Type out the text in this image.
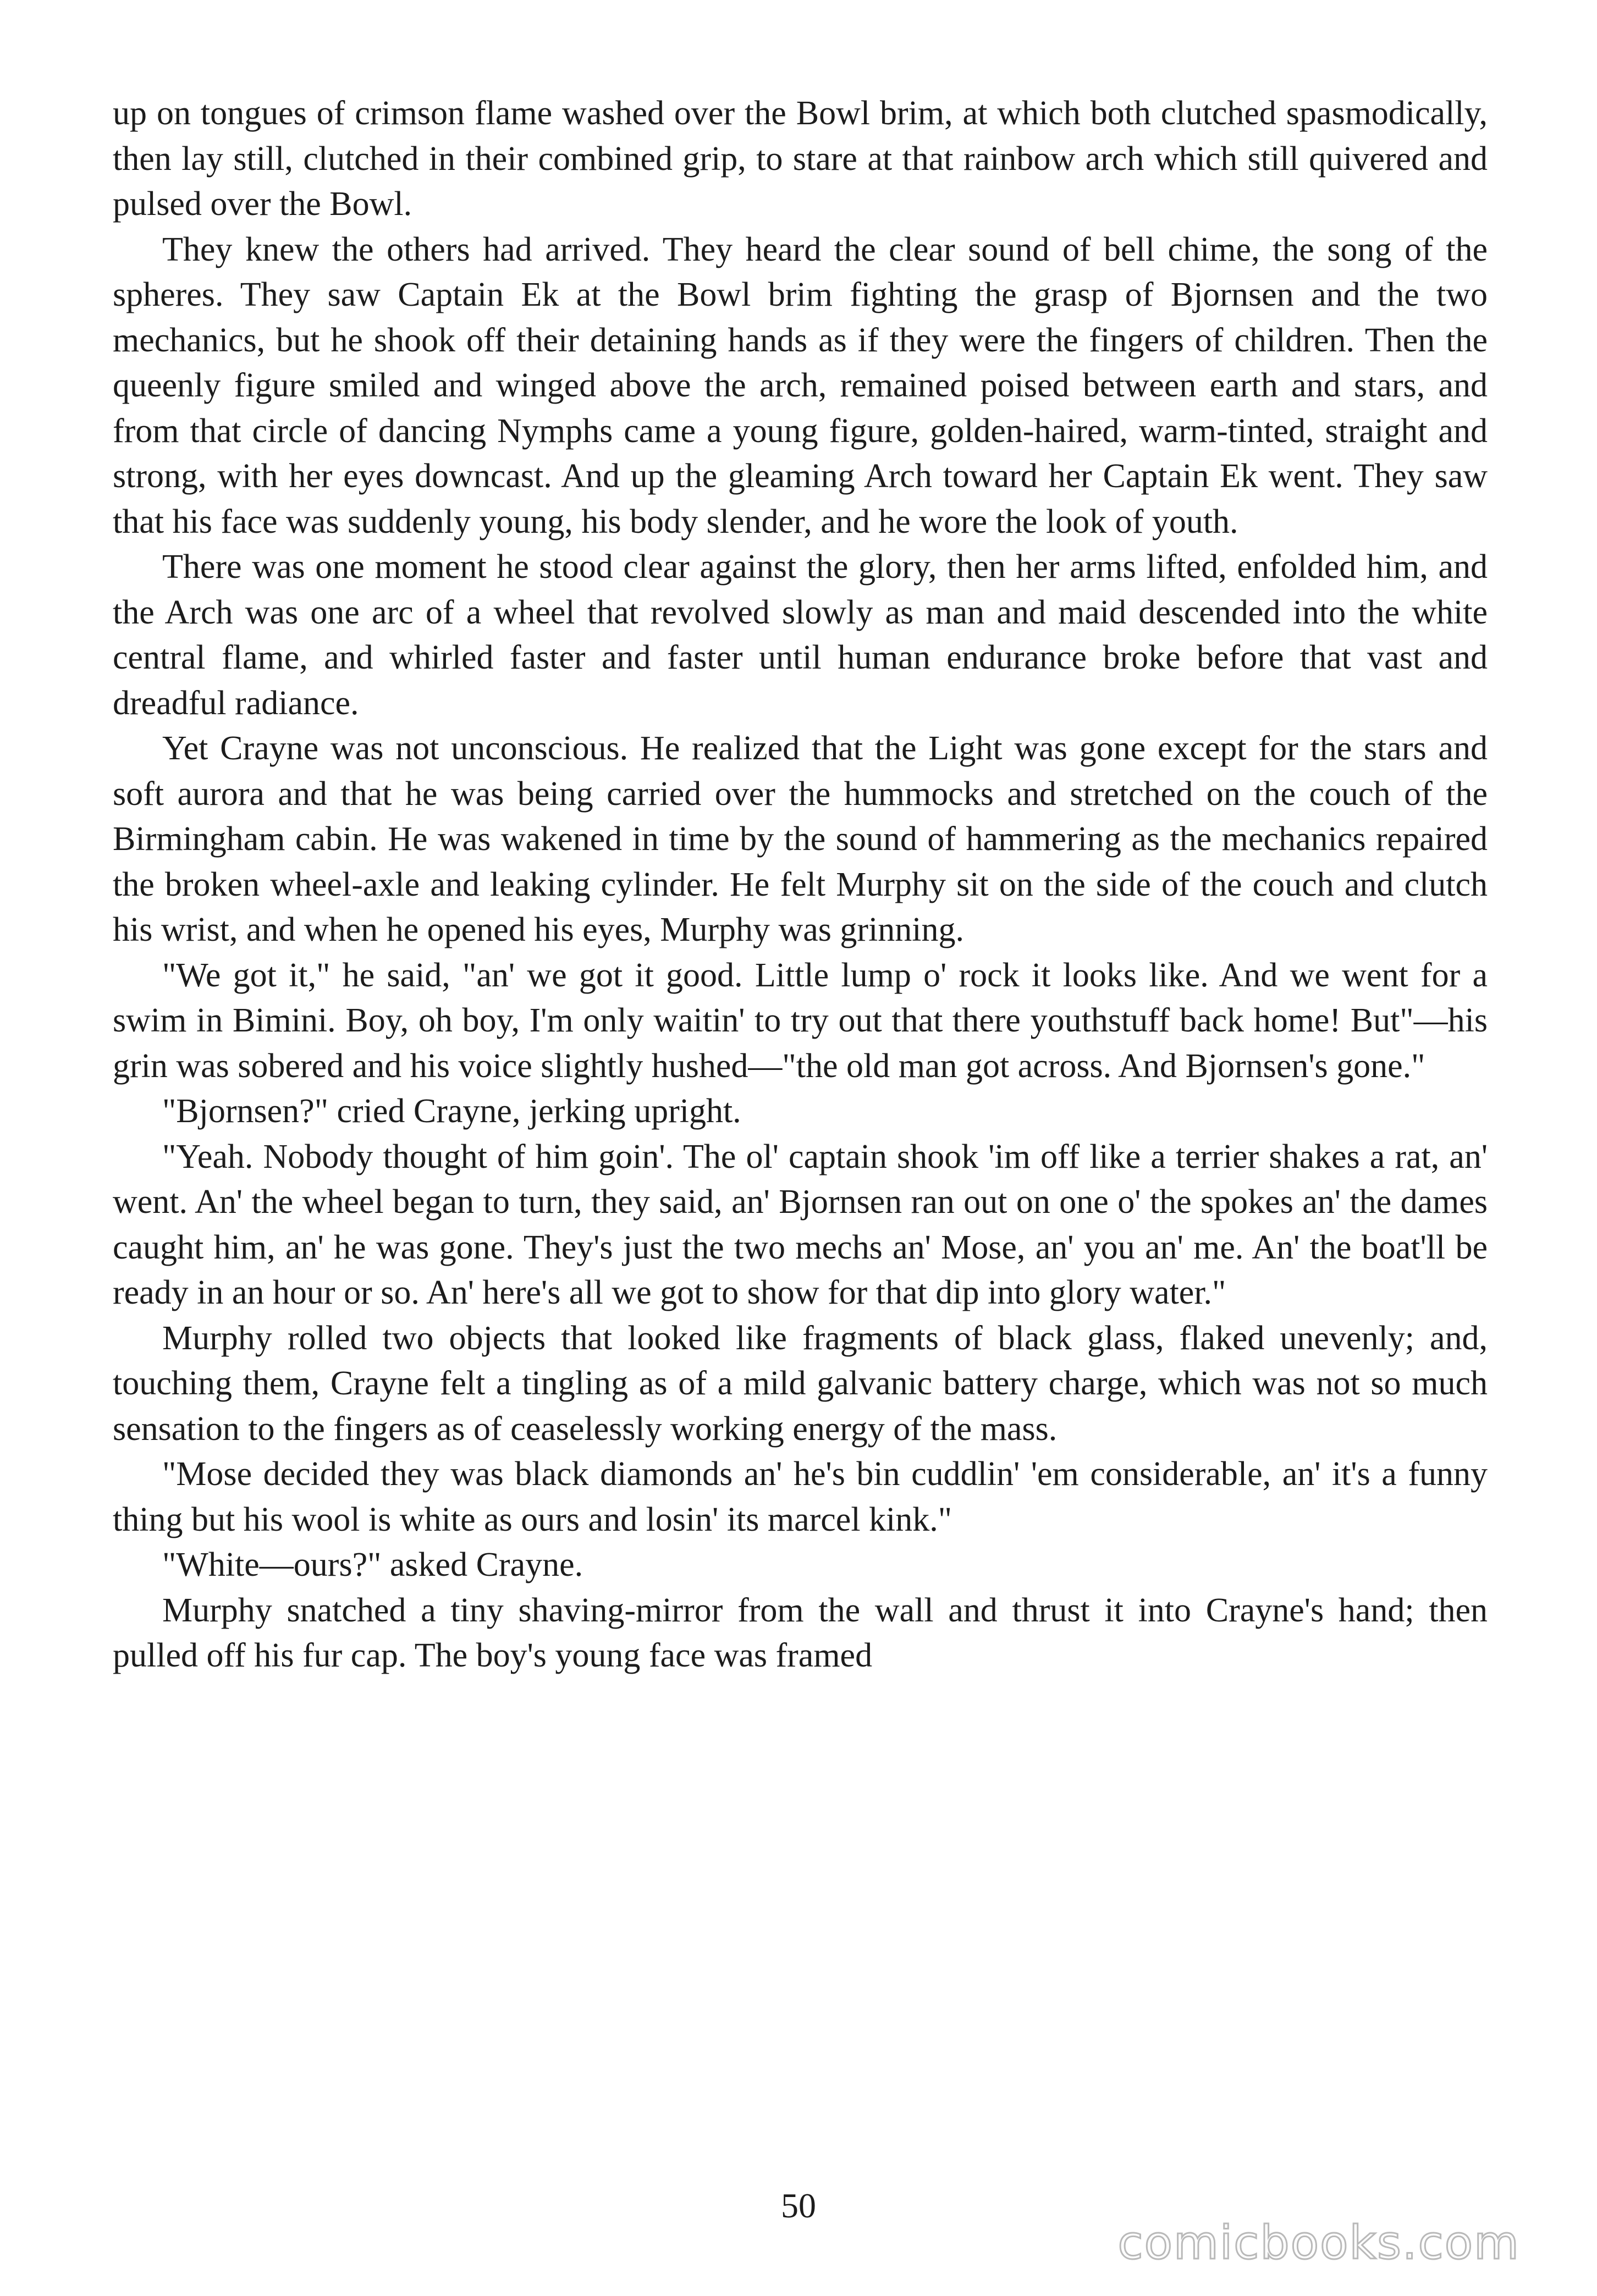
up on tongues of crimson flame washed over the Bowl brim, at which both clutched spasmodically, then lay still, clutched in their combined grip, to stare at that rainbow arch which still quivered and pulsed over the Bowl.

They knew the others had arrived. They heard the clear sound of bell chime, the song of the spheres. They saw Captain Ek at the Bowl brim fighting the grasp of Bjornsen and the two mechanics, but he shook off their detaining hands as if they were the fingers of children. Then the queenly figure smiled and winged above the arch, remained poised between earth and stars, and from that circle of dancing Nymphs came a young figure, golden-haired, warm-tinted, straight and strong, with her eyes downcast. And up the gleaming Arch toward her Captain Ek went. They saw that his face was suddenly young, his body slender, and he wore the look of youth.

There was one moment he stood clear against the glory, then her arms lifted, enfolded him, and the Arch was one arc of a wheel that revolved slowly as man and maid descended into the white central flame, and whirled faster and faster until human endurance broke before that vast and dreadful radiance.

Yet Crayne was not unconscious. He realized that the Light was gone except for the stars and soft aurora and that he was being carried over the hummocks and stretched on the couch of the Birmingham cabin. He was wakened in time by the sound of hammering as the mechanics repaired the broken wheel-axle and leaking cylinder. He felt Murphy sit on the side of the couch and clutch his wrist, and when he opened his eyes, Murphy was grinning.

"We got it," he said, "an' we got it good. Little lump o' rock it looks like. And we went for a swim in Bimini. Boy, oh boy, I'm only waitin' to try out that there youthstuff back home! But"—his grin was sobered and his voice slightly hushed—"the old man got across. And Bjornsen's gone."

"Bjornsen?" cried Crayne, jerking upright.

"Yeah. Nobody thought of him goin'. The ol' captain shook 'im off like a terrier shakes a rat, an' went. An' the wheel began to turn, they said, an' Bjornsen ran out on one o' the spokes an' the dames caught him, an' he was gone. They's just the two mechs an' Mose, an' you an' me. An' the boat'll be ready in an hour or so. An' here's all we got to show for that dip into glory water."

Murphy rolled two objects that looked like fragments of black glass, flaked unevenly; and, touching them, Crayne felt a tingling as of a mild galvanic battery charge, which was not so much sensation to the fingers as of ceaselessly working energy of the mass.

"Mose decided they was black diamonds an' he's bin cuddlin' 'em considerable, an' it's a funny thing but his wool is white as ours and losin' its marcel kink."

"White—ours?" asked Crayne.

Murphy snatched a tiny shaving-mirror from the wall and thrust it into Crayne's hand; then pulled off his fur cap. The boy's young face was framed

50
comicbooks.com
